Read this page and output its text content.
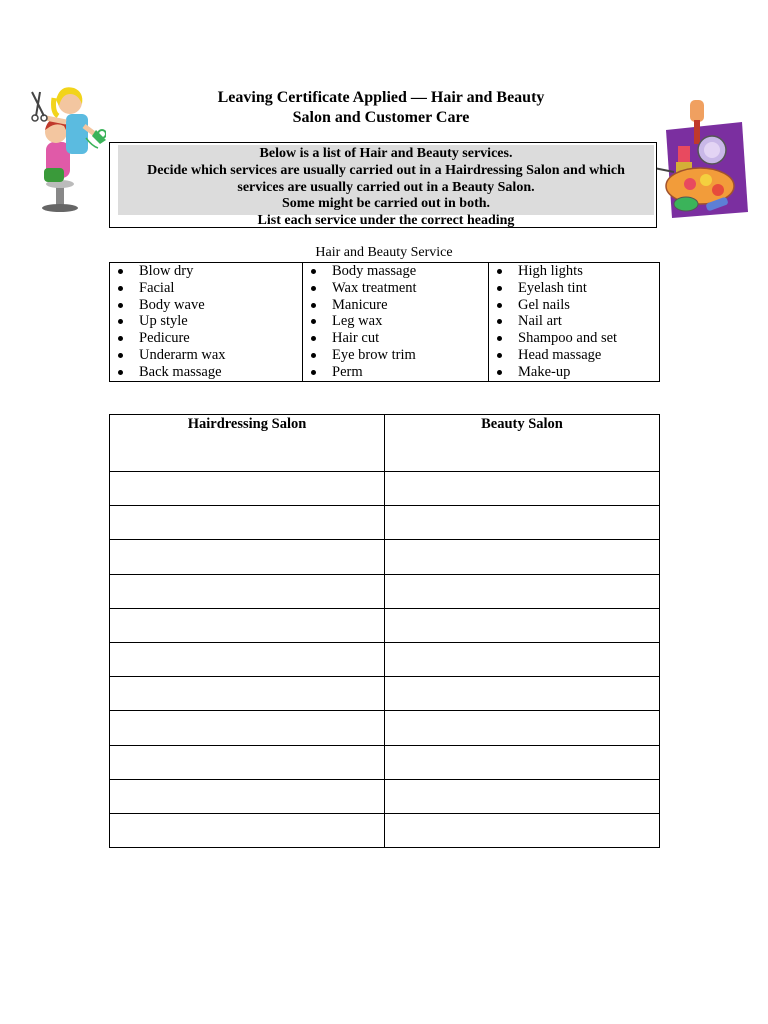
Leaving Certificate Applied — Hair and Beauty
Salon and Customer Care
Below is a list of Hair and Beauty services.
Decide which services are usually carried out in a Hairdressing Salon and which
services are usually carried out in a Beauty Salon.
Some might be carried out in both.
List each service under the correct heading
Hair and Beauty Service
Blow dry
Facial
Body wave
Up style
Pedicure
Underarm wax
Back massage

Body massage
Wax treatment
Manicure
Leg wax
Hair cut
Eye brow trim
Perm

High lights
Eyelash tint
Gel nails
Nail art
Shampoo and set
Head massage
Make-up
Hairdressing Salon	Beauty Salon
